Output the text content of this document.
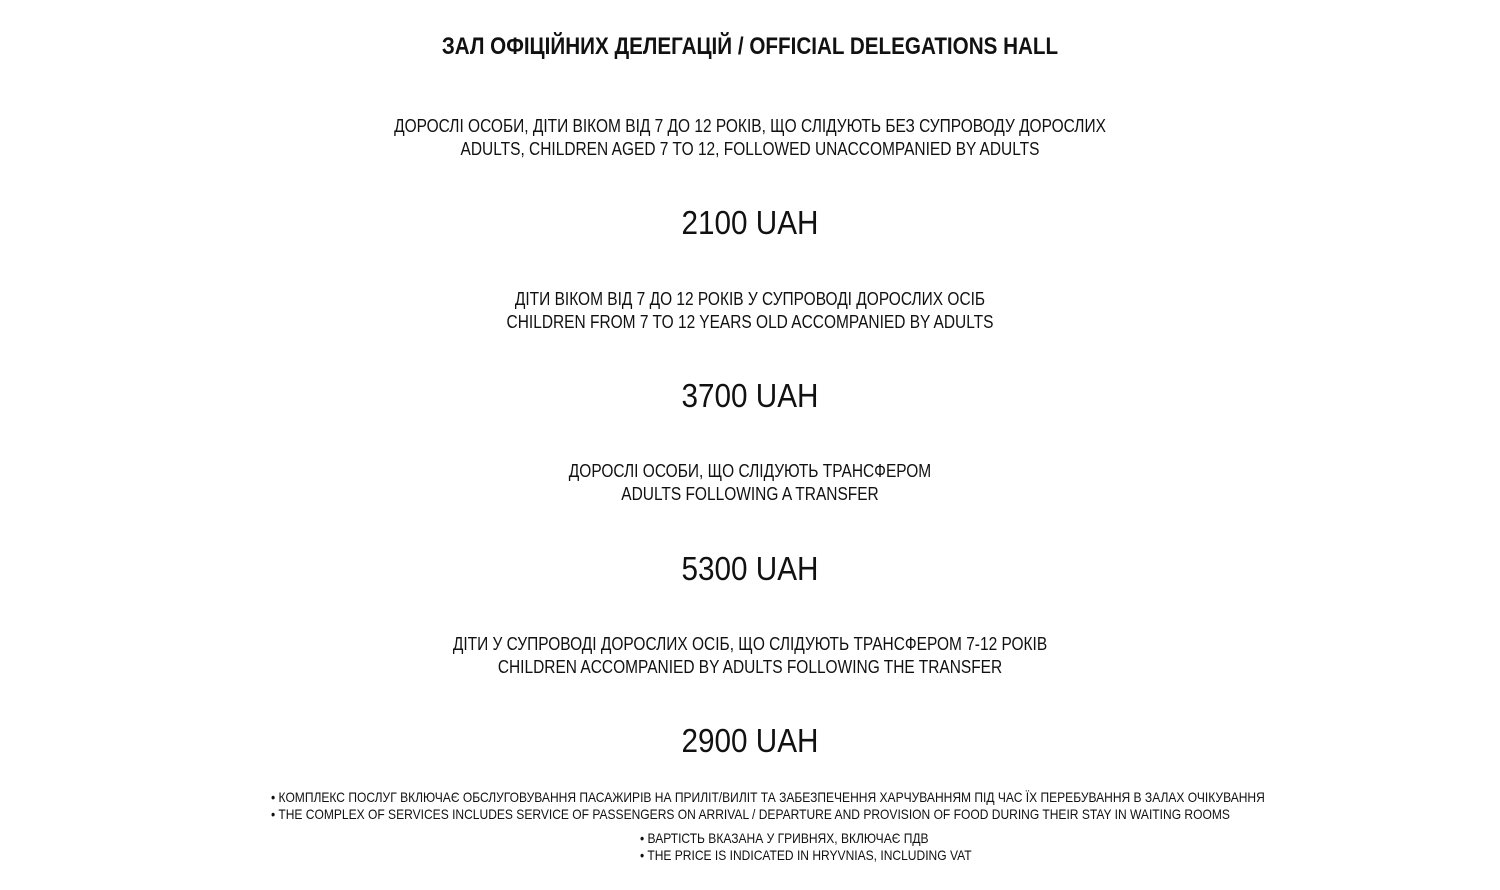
ЗАЛ ОФІЦІЙНИХ ДЕЛЕГАЦІЙ / OFFICIAL DELEGATIONS HALL
ДОРОСЛІ ОСОБИ, ДІТИ ВІКОМ ВІД 7 ДО 12 РОКІВ, ЩО СЛІДУЮТЬ БЕЗ СУПРОВОДУ ДОРОСЛИХ
ADULTS, CHILDREN AGED 7 TO 12, FOLLOWED UNACCOMPANIED BY ADULTS
2100 UAH
ДІТИ ВІКОМ ВІД 7 ДО 12 РОКІВ У СУПРОВОДІ ДОРОСЛИХ ОСІБ
CHILDREN FROM 7 TO 12 YEARS OLD ACCOMPANIED BY ADULTS
3700 UAH
ДОРОСЛІ ОСОБИ, ЩО СЛІДУЮТЬ ТРАНСФЕРОМ
ADULTS FOLLOWING A TRANSFER
5300 UAH
ДІТИ У СУПРОВОДІ ДОРОСЛИХ ОСІБ, ЩО СЛІДУЮТЬ ТРАНСФЕРОМ 7-12 РОКІВ
CHILDREN ACCOMPANIED BY ADULTS FOLLOWING THE TRANSFER
2900 UAH
• КОМПЛЕКС ПОСЛУГ ВКЛЮЧАЄ ОБСЛУГОВУВАННЯ ПАСАЖИРІВ НА ПРИЛІТ/ВИЛІТ ТА ЗАБЕЗПЕЧЕННЯ ХАРЧУВАННЯМ ПІД ЧАС ЇХ ПЕРЕБУВАННЯ В ЗАЛАХ ОЧІКУВАННЯ
• THE COMPLEX OF SERVICES INCLUDES SERVICE OF PASSENGERS ON ARRIVAL / DEPARTURE AND PROVISION OF FOOD DURING THEIR STAY IN WAITING ROOMS
• ВАРТІСТЬ ВКАЗАНА У ГРИВНЯХ, ВКЛЮЧАЄ ПДВ
• THE PRICE IS INDICATED IN HRYVNIAS, INCLUDING VAT
